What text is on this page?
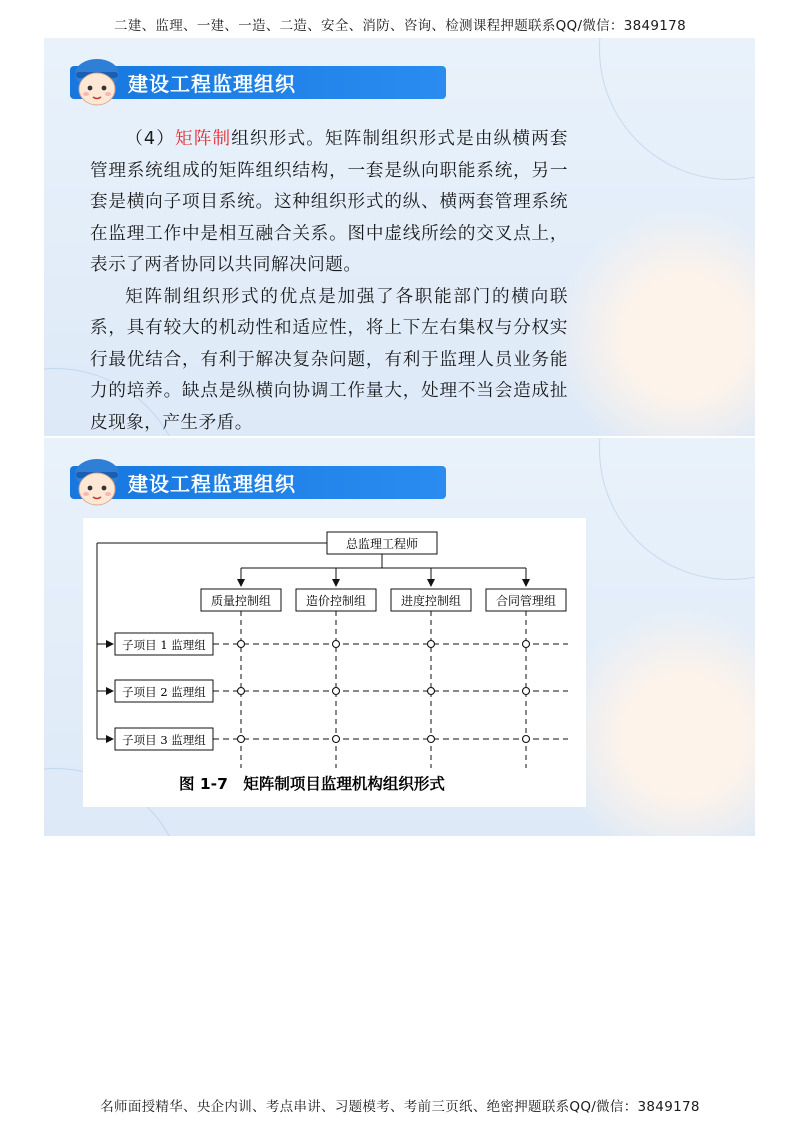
二建、监理、一建、一造、二造、安全、消防、咨询、检测课程押题联系QQ/微信：3849178
建设工程监理组织

（4）矩阵制组织形式。矩阵制组织形式是由纵横两套管理系统组成的矩阵组织结构，一套是纵向职能系统，另一套是横向子项目系统。这种组织形式的纵、横两套管理系统在监理工作中是相互融合关系。图中虚线所绘的交叉点上，表示了两者协同以共同解决问题。

矩阵制组织形式的优点是加强了各职能部门的横向联系，具有较大的机动性和适应性，将上下左右集权与分权实行最优结合，有利于解决复杂问题，有利于监理人员业务能力的培养。缺点是纵横向协调工作量大，处理不当会造成扯皮现象，产生矛盾。

建设工程监理组织
总监理工程师
质量控制组	造价控制组	进度控制组	合同管理组
子项目 1 监理组
子项目 2 监理组
子项目 3 监理组
图 1-7　矩阵制项目监理机构组织形式
名师面授精华、央企内训、考点串讲、习题模考、考前三页纸、绝密押题联系QQ/微信：3849178
